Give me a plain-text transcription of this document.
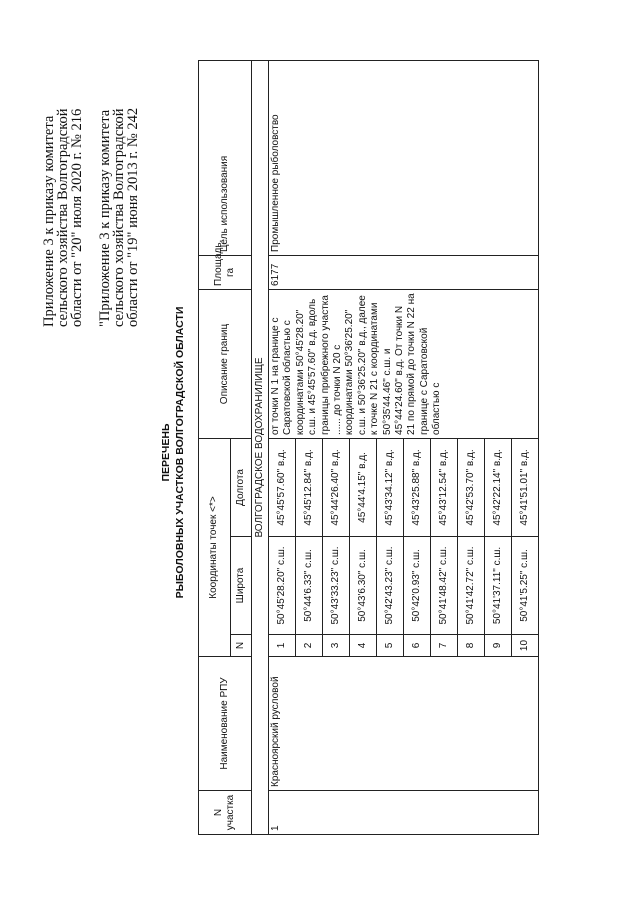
Приложение 3 к приказу комитета сельского хозяйства Волгоградской области от "20" июля 2020 г. № 216 "Приложение 3 к приказу комитета сельского хозяйства Волгоградской области от "19" июня 2013 г. № 242
ПЕРЕЧЕНЬ РЫБОЛОВНЫХ УЧАСТКОВ ВОЛГОГРАДСКОЙ ОБЛАСТИ
N участка	Наименование РПУ	Координаты точек <*>			Описание границ	Площадь, га	Цель использования
		N	Широта	Долгота			
ВОЛГОГРАДСКОЕ ВОДОХРАНИЛИЩЕ							
1	Красноярский русловой	1	50°45'28.20" с.ш.	45°45'57.60" в.д.	от точки N 1 на границе с Саратовской областью с координатами 50°45'28.20" с.ш. и 45°45'57.60" в.д. вдоль границы прибрежного участка ...... до точки N 20 с координатами 50°36'25.20" с.ш. и 50°36'25.20" в.д., далее к точке N 21 с координатами 50°35'44.46" с.ш. и 45°44'24.60" в.д. От точки N 21 по прямой до точки N 22 на границе с Саратовской областью с	6177	Промышленное рыболовство
		2	50°44'6.33" с.ш.	45°45'12.84" в.д.			
		3	50°43'33.23" с.ш.	45°44'26.40" в.д.			
		4	50°43'6.30" с.ш.	45°44'4.15" в.д.			
		5	50°42'43.23" с.ш.	45°43'34.12" в.д.			
		6	50°42'0.93" с.ш.	45°43'25.88" в.д.			
		7	50°41'48.42" с.ш.	45°43'12.54" в.д.			
		8	50°41'42.72" с.ш.	45°42'53.70" в.д.			
		9	50°41'37.11" с.ш.	45°42'22.14" в.д.			
		10	50°41'5.25" с.ш.	45°41'51.01" в.д.			
